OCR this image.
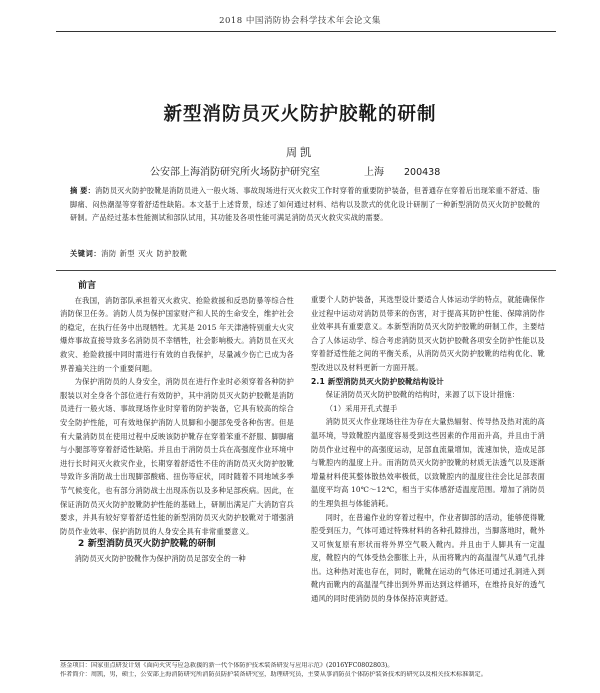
2018 中国消防协会科学技术年会论文集
新型消防员灭火防护胶靴的研制
周凯
公安部上海消防研究所火场防护研究室	上海 200438
摘 要：消防员灭火防护胶靴是消防员进入一般火场、事故现场进行灭火救灾工作时穿着的重要防护装备，但普通存在穿着后出现笨重不舒适、脂脚痛、闷热潮湿等穿着舒适性缺陷。本文基于上述背景，综述了如何通过材料、结构以及款式的优化设计研制了一种新型消防员灭火防护胶靴的研制。产品经过基本性能测试和部队试用，其功能及各项性能可满足消防员灭火救灾实战的需要。
关键词：消防 新型 灭火 防护胶靴

前言

在我国，消防部队承担着灭火救灾、抢险救援和反恐防暴等综合性消防保卫任务。消防人员为保护国家财产和人民的生命安全，维护社会的稳定，在执行任务中出现牺牲。尤其是 2015 年天津港特别重大火灾爆炸事故直接导致多名消防员不幸牺牲，社会影响极大。消防员在灭火救灾、抢险救援中同时需进行有效的自我保护，尽量减少伤亡已成为各界普遍关注的一个重要问题。

为保护消防员的人身安全，消防员在进行作业时必须穿着各种防护服装以对全身各个部位进行有效防护，其中消防员灭火防护胶靴是消防员进行一般火场、事故现场作业时穿着的防护装备，它具有较高的综合安全防护性能，可有效地保护消防人员脚和小腿部免受各种伤害。但是有大量消防员在使用过程中反映该防护靴存在穿着笨重不舒服、脚脚痛与小腿部等穿着舒适性缺陷。并且由于消防员士兵在高强度作业环境中进行长时间灭火救灾作业，长期穿着舒适性不佳的消防员灭火防护胶靴导致许多消防战士出现脚部酸痛、扭伤等症状，同时随着不同地域多季节气候变化，也有部分消防战士出现冻伤以及多种足部疾病。因此，在保证消防员灭火防护胶靴防护性能的基础上，研制出满足广大消防官兵要求，并具有较好穿着舒适性能的新型消防员灭火防护胶靴对于增强消防员作业效率、保护消防员的人身安全具有非常重要意义。

2 新型消防员灭火防护胶靴的研制

消防员灭火防护胶靴作为保护消防员足部安全的一种

重要个人防护装备，其选型设计要适合人体运动学的特点，就能确保作业过程中运动对消防员带来的伤害，对于提高其防护性能、保障消防作业效率具有重要意义。本新型消防员灭火防护胶靴的研制工作，主要结合了人体运动学、综合考虑消防员灭火防护胶靴各项安全防护性能以及穿着舒适性能之间的平衡关系，从消防员灭火防护胶靴的结构优化、靴型改进以及材料更新一方面开展。

2.1 新型消防员灭火防护胶靴结构设计

保证消防员灭火防护胶靴的结构时，来源了以下设计措施：

（1）采用开孔式提手

消防员灭火作业现场往往为存在大量热辐射、传导热及热对流的高温环境，导致靴腔内温度容易受到这些因素的作用而升高，并且由于消防员作业过程中的高强度运动，足部血流量增加，流速加快，造成足部与靴腔内的温度上升。而消防员灭火防护胶靴的材质无法透气以及逐渐增量材料使其整体散热效率极低，以致靴腔内的温度往往会比足部表面温度平均高 10℃～12℃，相当于实体感舒适温度范围。增加了消防员的生理负担与体能消耗。

同时，在普遍作业的穿着过程中，作业者脚部的活动，能够使得靴腔受到压力，气体可通过特殊材料的各种孔隙排出，当脚落地时，靴外又可恢复原有形状而将外界空气吸入靴内。并且由于人脚具有一定温度，靴腔内的气体受热会膨胀上升，从而将靴内的高温湿气从通气孔排出。这种热对流也存在，同时，靴靴在运动的气体还可通过孔洞进入到靴内而靴内的高温湿气排出到外界而达到这样循环，在维持良好的透气通风的同时使消防员的身体保持凉爽舒适。

基金项目：国家重点研发计划《面向火灾与应急救援的新一代个体防护技术装备研发与应用示范》(2016YFC0802803)。
作者简介：周凯，男，硕士，公安部上海消防研究所消防员防护装备研究室，助理研究员，主要从事消防员个体防护装备技术的研究以及相关技术标准制定。
